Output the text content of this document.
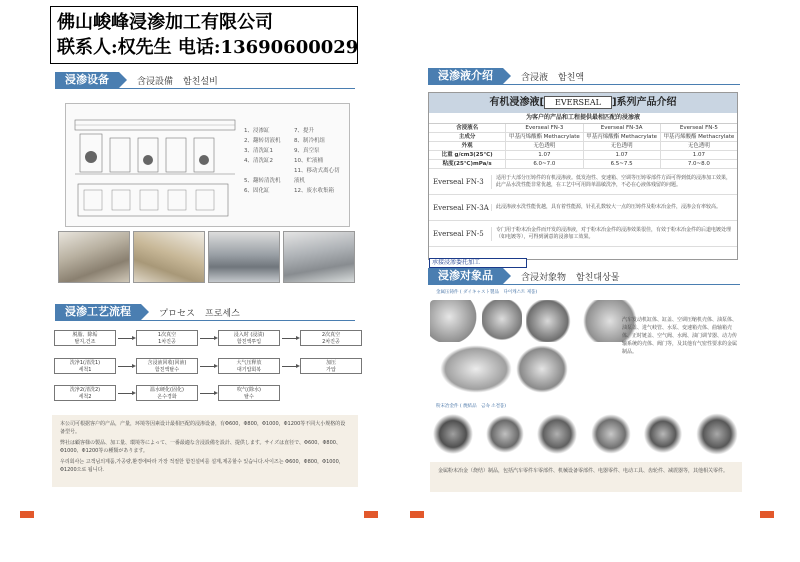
佛山峻峰浸渗加工有限公司
联系人:权先生 电话:13690600029
浸渗设备	含浸設備	함친설비
1、浸渗缸	7、提升 2、翻转切液机 8、制冷机组 3、清洗缸1	9、真空泵 4、清洗缸2	10、贮液桶 5、翻转清洗机11、移动式离心切液机 6、固化缸	12、废水收集箱
浸渗工艺流程	プロセス	프로세스
脱脂、除垢
탈지,건조
1次真空
1차진공
浸入时 (浸渍)
함친액투입
2次真空
2차진공
洗净1(清洗1)
세척1
含浸液回收(回液)
함친액탈수
大气压释放
대기압회복
加压
가압
洗净2(清洗2)
세척2
温水硬化(固化)
온수경화
吹气(除水)
탈수

本公司可根据客户的产品，产量，环境等因素设计最相匹配的浸渗设备，有Φ600，Φ800，Φ1000，Φ1200等不同大小规格的设备型号。

弊社は顧客様の製品、加工量、環境等によって、一番最適な含浸設備を設計、提供します。サイズは直径で、Φ600、Φ800、Φ1000、Φ1200等の種類があります。

우리회사는 고객님의제품,가공량,환경에따라 가장 적절한 함친설비를 설계,제공할수 있습니다.사이즈는 Φ600，Φ800，Φ1000，Φ1200으로 됩니다.

浸渗液介绍	含浸液	함친액
有机浸渗液[ EVERSEAL ]系列产品介绍
为客户的产品和工程提供最相匹配的浸渗液
含浸液名	Everseal FN-3	Everseal FN-3A	Everseal FN-5
主成分	甲基丙烯酸酯 Methacrylate	甲基丙烯酸酯 Methacrylate	甲基丙烯酸酯 Methacrylate
外观	无色透明	无色透明	无色透明
比重 g/cm3(25℃)	1.07	1.07	1.07
粘度(25℃)mPa/s	6.0~7.0	6.5~7.5	7.0~8.0
Everseal FN-3	适用于大部分压铸件的有机浸渗液。低发泡性、变速箱、空调等压铸零部件方面可得到低的浸渗加工效果，此产品水洗性能非常优越，在工艺中可用简单温敏洗净，不必在心液体残留的问题。
Everseal FN-3A	此浸渗液水洗性能优越，具有着性能源，针孔孔数较大一点的压铸件及粉末冶金件，浸渗会有率较高。
Everseal FN-5	专门用于粉末冶金件而开发的浸渗液，对于粉末冶金件的浸渗效果很佳，有效于粉末冶金件的后道电镀处理（如电镀等），可得到满意的浸渗加工效果。
承接浸渗委托加工
浸渗对象品	含浸対象物	함친대상물
金属压铸件 ( ダイキャスト製品　다이캐스트 제품)
汽车发动机缸体、缸盖、空调压缩机壳体、油泵体、油泵盖、进气岐管、水泵、变速箱壳体、曲轴箱壳体、正时链盖、空气阀、水阀、油门调节器、动力传输系统的壳体、阀门等，及其他有气密性要求的金属制品。
粉末冶金件 ( 焼結品　금속 소결품)
金属粉末冶金（烧结）制品，包括汽车零件车零部件、机械设备零部件、电器零件、电动工具、齿轮件、减震器等，其他相关零件。
